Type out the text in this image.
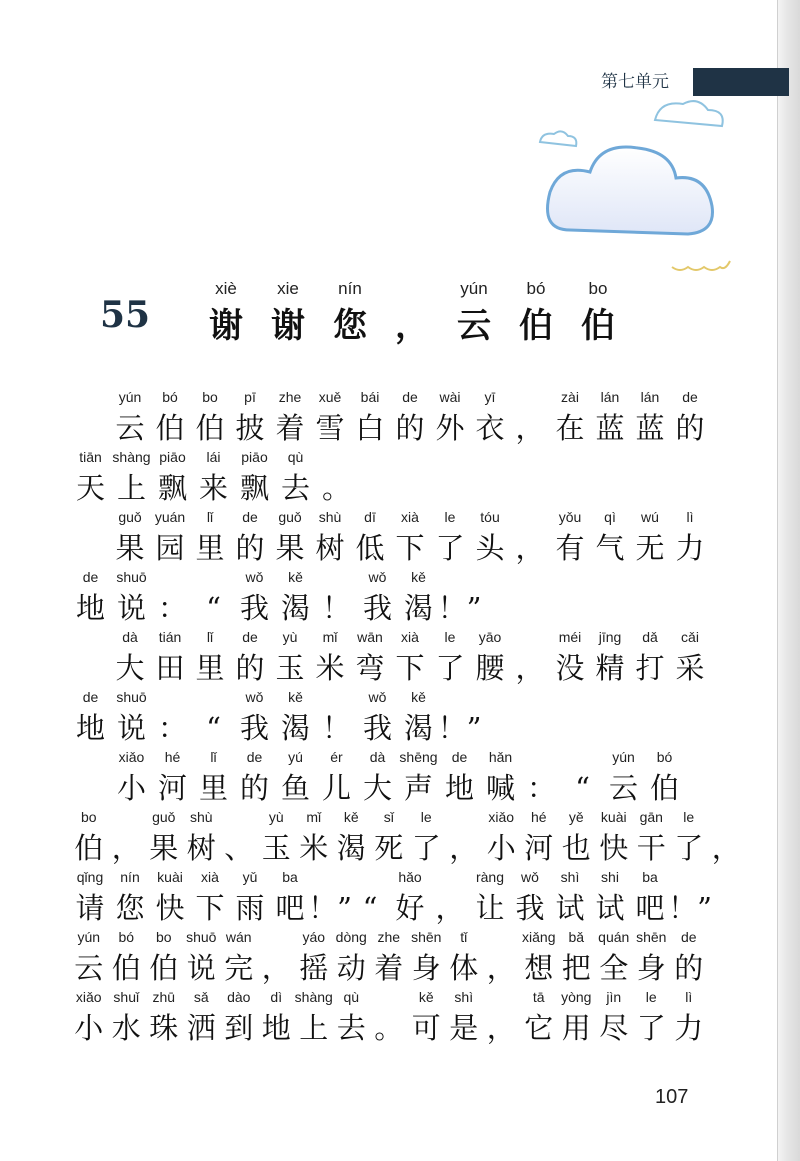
第七单元
55
xiè
谢
xie
谢
nín
您 ，
yún
云
bó
伯
bo
伯
yún
云
bó
伯
bo
伯
pī
披
zhe
着
xuě
雪
bái
白
de
的
wài
外
yī
衣 ，
zài
在
lán
蓝
lán
蓝
de
的
tiān
天
shàng
上
piāo
飘
lái
来
piāo
飘
qù
去 。
guǒ
果
yuán
园
lǐ
里
de
的
guǒ
果
shù
树
dī
低
xià
下
le
了
tóu
头 ，
yǒu
有
qì
气
wú
无
lì
力
de
地
shuō
说 ： “
wǒ
我
kě
渴 ！
wǒ
我
kě
渴 ！”
dà
大
tián
田
lǐ
里
de
的
yù
玉
mǐ
米
wān
弯
xià
下
le
了
yāo
腰 ，
méi
没
jīng
精
dǎ
打
cǎi
采
de
地
shuō
说 ： “
wǒ
我
kě
渴 ！
wǒ
我
kě
渴 ！”
xiǎo
小
hé
河
lǐ
里
de
的
yú
鱼
ér
儿
dà
大
shēng
声
de
地
hǎn
喊 ： “
yún
云
bó
伯
bo
伯 ，
guǒ
果
shù
树 、
yù
玉
mǐ
米
kě
渴
sǐ
死
le
了 ，
xiǎo
小
hé
河
yě
也
kuài
快
gān
干
le
了 ，
qǐng
请
nín
您
kuài
快
xià
下
yǔ
雨
ba
吧 ！” “
hǎo
好 ，
ràng
让
wǒ
我
shì
试
shi
试
ba
吧 ！”
yún
云
bó
伯
bo
伯
shuō
说
wán
完 ，
yáo
摇
dòng
动
zhe
着
shēn
身
tǐ
体 ，
xiǎng
想
bǎ
把
quán
全
shēn
身
de
的
xiǎo
小
shuǐ
水
zhū
珠
sǎ
洒
dào
到
dì
地
shàng
上
qù
去 。
kě
可
shì
是 ，
tā
它
yòng
用
jìn
尽
le
了
lì
力
107
